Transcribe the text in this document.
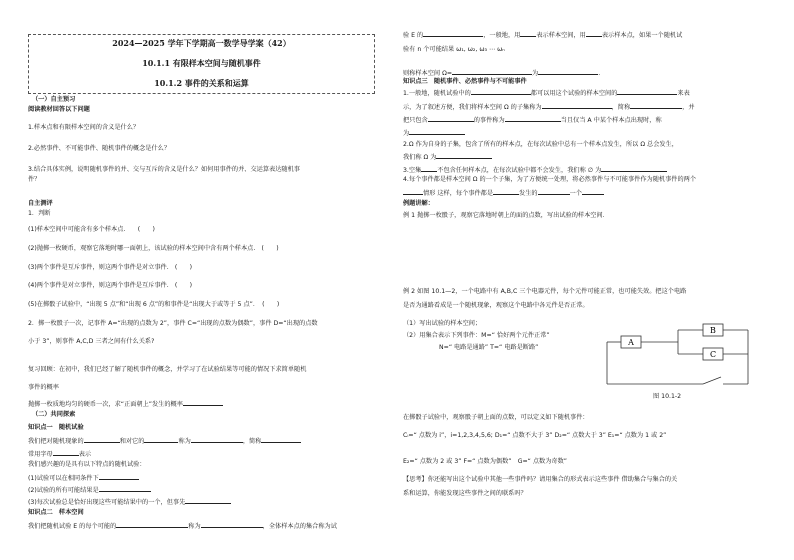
2024—2025 学年下学期高一数学导学案（42）
10.1.1 有限样本空间与随机事件
10.1.2 事件的关系和运算
（一）自主预习
阅读教材回答以下问题
1.样本点和有限样本空间的含义是什么？
2.必然事件、不可能事件、随机事件的概念是什么？
3.结合具体实例，说明随机事件的并、交与互斥的含义是什么？如何用事件的并、交运算表达随机事
件？
自主测评
1．判断
(1)样本空间中可能含有多个样本点.　　(　　)
(2)抛掷一枚硬币，观察它落地时哪一面朝上，该试验的样本空间中含有两个样本点.　(　　)
(3)两个事件是互斥事件，则这两个事件是对立事件.　(　　)
(4)两个事件是对立事件，则这两个事件是互斥事件.　(　　)
(5)在掷骰子试验中，“出现 5 点”和“出现 6 点”的和事件是“出现大于或等于 5 点”．　(　　)
2．掷一枚骰子一次，记事件 A=“出现的点数为 2”，事件 C=“出现的点数为偶数”，事件 D=“出现的点数
小于 3”，则事件 A,C,D 三者之间有什么关系?
复习回顾：在初中，我们已经了解了随机事件的概念，并学习了在试验结果等可能的情况下求简单随机
事件的概率
抛掷一枚质地均匀的硬币一次，求“正面朝上”发生的概率
（二）共同探索
知识点一　随机试验
我们把对随机现象的	和对它的	称为	，简称
常用字母	表示
我们感兴趣的是具有以下特点的随机试验：
(1)试验可以在相同条件下
(2)试验的所有可能结果是
(3)每次试验总是恰好出现这些可能结果中的一个，但事先
知识点二　样本空间
我们把随机试验 E 的每个可能的	称为	，全体样本点的集合称为试
验 E 的	，一般地，用	表示样本空间，用	表示样本点，如果一个随机试
验有 n 个可能结果 ω₁, ω₂, ω₃ ⋯ ωₙ
则称样本空间 Ω=	为	.
知识点三　随机事件、必然事件与不可能事件
1.一般地，随机试验中的	都可以用这个试验的样本空间的	来表
示，为了叙述方便，我们将样本空间 Ω 的子集称为	，简称	，并
把只包含	的事件称为	当且仅当 A 中某个样本点出现时，称
为
2.Ω 作为自身的子集，包含了所有的样本点，在每次试验中总有一个样本点发生，所以 Ω 总会发生，
我们称 Ω 为
3.空集	不包含任何样本点，在每次试验中都不会发生，我们称 ∅ 为
4.每个事件都是样本空间 Ω 的一个子集，为了方便统一处理，将必然事件与不可能事件作为随机事件的两个
情形 这样，每个事件都是	发生的	一个
例题讲解：
例 1 抛掷一枚骰子，观察它落地时朝上的面的点数，写出试验的样本空间．
例 2 如图 10.1—2，一个电路中有 A,B,C 三个电器元件，每个元件可能正常，也可能失效。把这个电路
是否为通路看成是一个随机现象，观察这个电路中各元件是否正常。
（1）写出试验的样本空间；
（2）用集合表示下列事件：M=“ 恰好两个元件正常”
N=“ 电路是通路” T=“ 电路是断路”
A
B
C
图 10.1-2
在掷骰子试验中，观察骰子朝上面的点数，可以定义如下随机事件：
Cᵢ=“ 点数为 i”，i=1,2,3,4,5,6; D₁=“ 点数不大于 3” D₂=“ 点数大于 3” E₁=“ 点数为 1 或 2”
E₂=“ 点数为 2 或 3” F=“ 点数为偶数”　G=“ 点数为奇数”
【思考】你还能写出这个试验中其他一些事件吗？请用集合的形式表示这些事件 借助集合与集合的关
系和运算，你能发现这些事件之间的联系吗？
